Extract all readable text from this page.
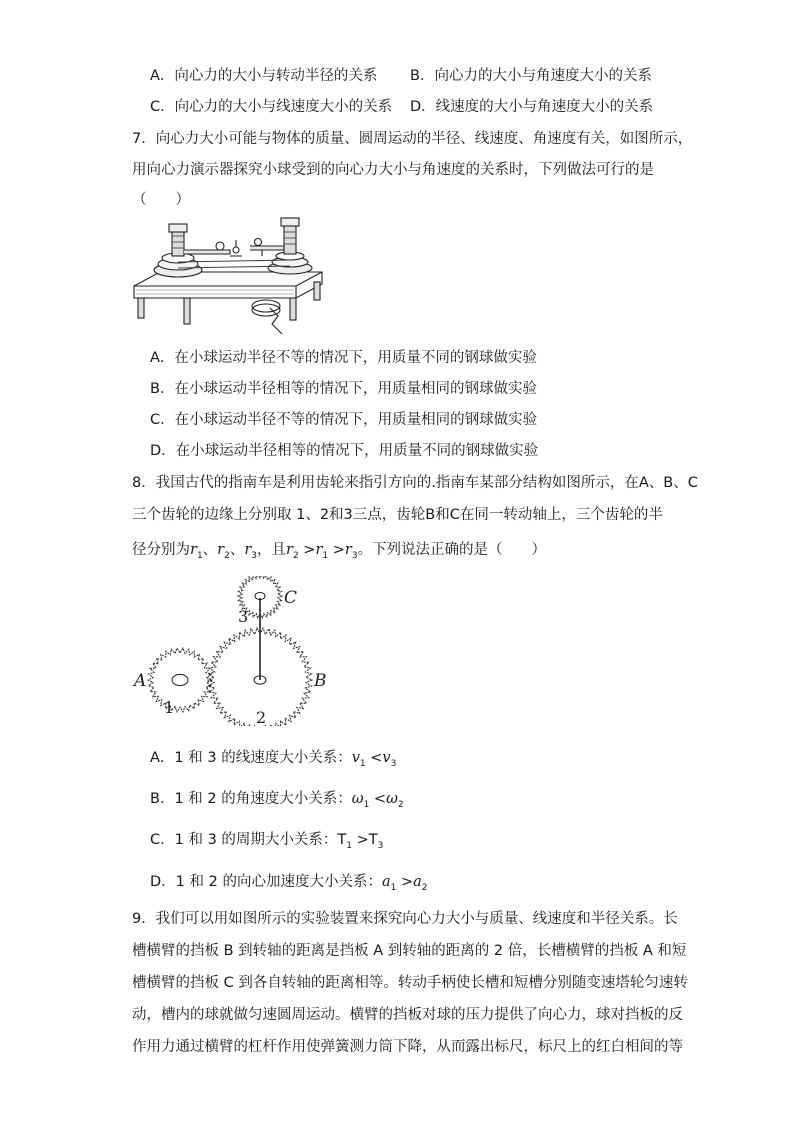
A．向心力的大小与转动半径的关系 B．向心力的大小与角速度大小的关系
C．向心力的大小与线速度大小的关系 D．线速度的大小与角速度大小的关系
7．向心力大小可能与物体的质量、圆周运动的半径、线速度、角速度有关，如图所示，
用向心力演示器探究小球受到的向心力大小与角速度的关系时，下列做法可行的是
（　　）
A．在小球运动半径不等的情况下，用质量不同的钢球做实验
B．在小球运动半径相等的情况下，用质量相同的钢球做实验
C．在小球运动半径不等的情况下，用质量相同的钢球做实验
D．在小球运动半径相等的情况下，用质量不同的钢球做实验
8．我国古代的指南车是利用齿轮来指引方向的.指南车某部分结构如图所示，在A、B、C
三个齿轮的边缘上分别取 1、2和3三点，齿轮B和C在同一转动轴上，三个齿轮的半
径分别为$r_1$、$r_2$、$r_3$，且$r_2 >r_1 >r_3$。下列说法正确的是（　　）
C
3
A
1
B
2
A．1 和 3 的线速度大小关系：$v_1 <v_3$
B．1 和 2 的角速度大小关系：$\omega_1 <\omega_2$
C．1 和 3 的周期大小关系：$T_1 >T_3$
D．1 和 2 的向心加速度大小关系：$a_1 >a_2$
9．我们可以用如图所示的实验装置来探究向心力大小与质量、线速度和半径关系。长
槽横臂的挡板 B 到转轴的距离是挡板 A 到转轴的距离的 2 倍，长槽横臂的挡板 A 和短
槽横臂的挡板 C 到各自转轴的距离相等。转动手柄使长槽和短槽分别随变速塔轮匀速转
动，槽内的球就做匀速圆周运动。横臂的挡板对球的压力提供了向心力，球对挡板的反
作用力通过横臂的杠杆作用使弹簧测力筒下降，从而露出标尺，标尺上的红白相间的等
